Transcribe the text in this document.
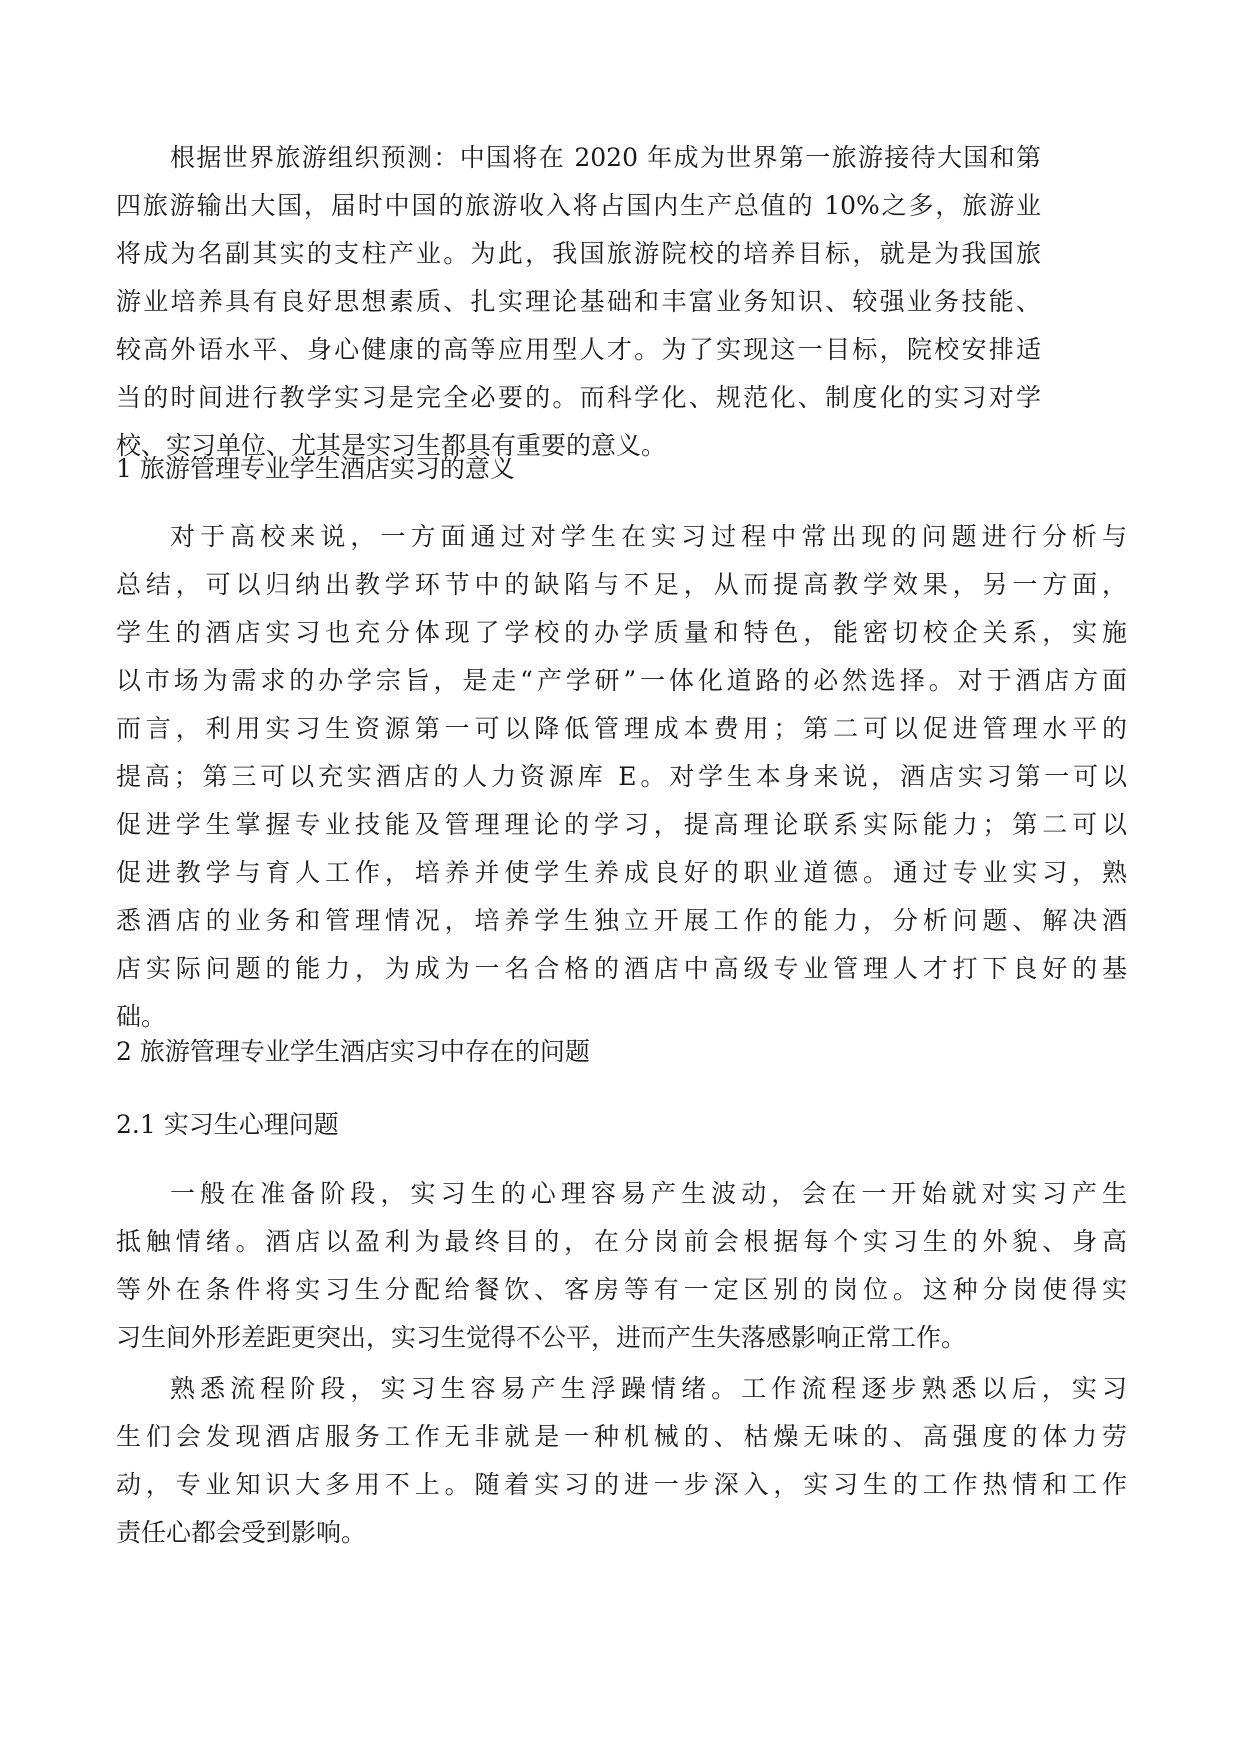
根据世界旅游组织预测：中国将在 2020 年成为世界第一旅游接待大国和第
四旅游输出大国，届时中国的旅游收入将占国内生产总值的 10%之多，旅游业
将成为名副其实的支柱产业。为此，我国旅游院校的培养目标，就是为我国旅
游业培养具有良好思想素质、扎实理论基础和丰富业务知识、较强业务技能、
较高外语水平、身心健康的高等应用型人才。为了实现这一目标，院校安排适
当的时间进行教学实习是完全必要的。而科学化、规范化、制度化的实习对学
校、实习单位、尤其是实习生都具有重要的意义。
1 旅游管理专业学生酒店实习的意义
对于高校来说，一方面通过对学生在实习过程中常出现的问题进行分析与
总结，可以归纳出教学环节中的缺陷与不足，从而提高教学效果，另一方面，
学生的酒店实习也充分体现了学校的办学质量和特色，能密切校企关系，实施
以市场为需求的办学宗旨，是走“产学研”一体化道路的必然选择。对于酒店方面
而言，利用实习生资源第一可以降低管理成本费用；第二可以促进管理水平的
提高；第三可以充实酒店的人力资源库 E。对学生本身来说，酒店实习第一可以
促进学生掌握专业技能及管理理论的学习，提高理论联系实际能力；第二可以
促进教学与育人工作，培养并使学生养成良好的职业道德。通过专业实习，熟
悉酒店的业务和管理情况，培养学生独立开展工作的能力，分析问题、解决酒
店实际问题的能力，为成为一名合格的酒店中高级专业管理人才打下良好的基
础。
2 旅游管理专业学生酒店实习中存在的问题
2.1 实习生心理问题
一般在准备阶段，实习生的心理容易产生波动，会在一开始就对实习产生
抵触情绪。酒店以盈利为最终目的，在分岗前会根据每个实习生的外貌、身高
等外在条件将实习生分配给餐饮、客房等有一定区别的岗位。这种分岗使得实
习生间外形差距更突出，实习生觉得不公平，进而产生失落感影响正常工作。
熟悉流程阶段，实习生容易产生浮躁情绪。工作流程逐步熟悉以后，实习
生们会发现酒店服务工作无非就是一种机械的、枯燥无味的、高强度的体力劳
动，专业知识大多用不上。随着实习的进一步深入，实习生的工作热情和工作
责任心都会受到影响。
